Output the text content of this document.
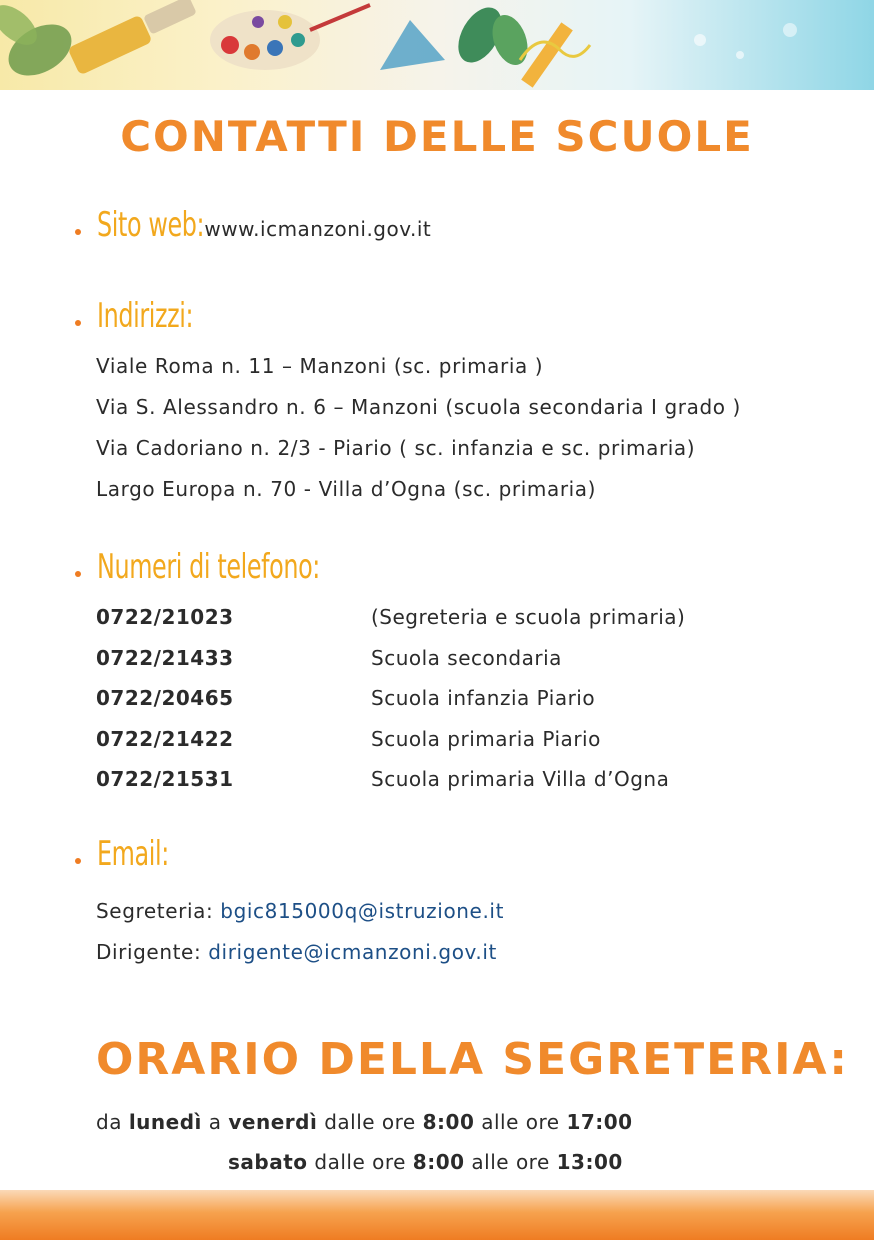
CONTATTI DELLE SCUOLE
Sito web: www.icmanzoni.gov.it
Indirizzi:
Viale Roma n. 11 – Manzoni (sc. primaria )
Via S. Alessandro n. 6 – Manzoni (scuola secondaria I grado )
Via Cadoriano n. 2/3 - Piario ( sc. infanzia e sc. primaria)
Largo Europa n. 70 - Villa d’Ogna (sc. primaria)
Numeri di telefono:
0722/21023	(Segreteria e scuola primaria)
0722/21433	Scuola secondaria
0722/20465	Scuola infanzia Piario
0722/21422	Scuola primaria Piario
0722/21531	Scuola primaria Villa d’Ogna
Email:
Segreteria: bgic815000q@istruzione.it
Dirigente: dirigente@icmanzoni.gov.it
ORARIO DELLA SEGRETERIA:
da lunedì a venerdì dalle ore 8:00 alle ore 17:00
sabato dalle ore 8:00 alle ore 13:00
